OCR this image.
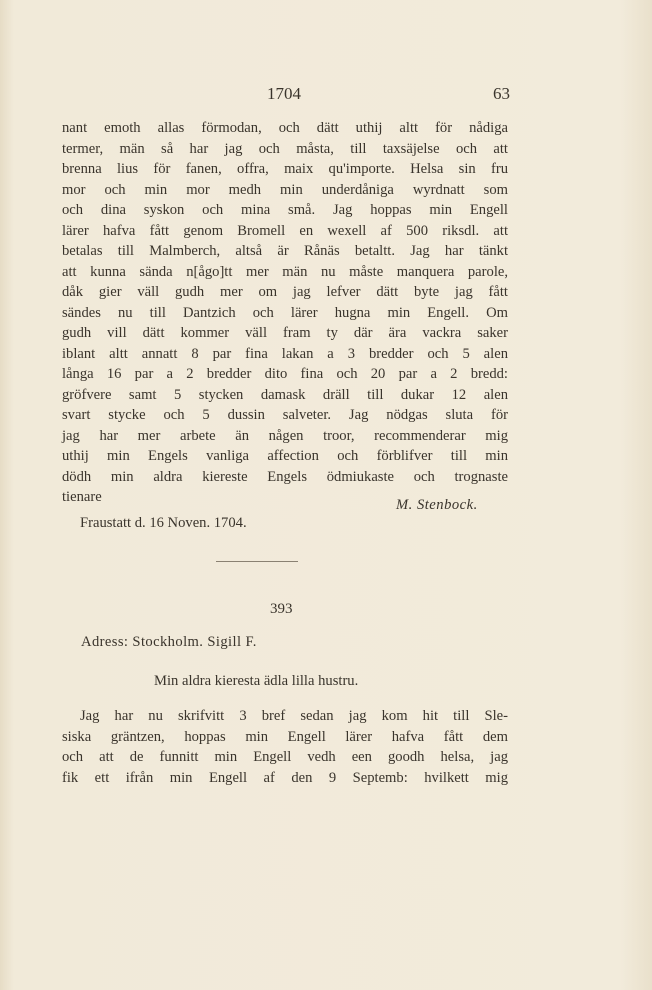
1704	63
nant emoth allas förmodan, och dätt uthij altt för nådiga
termer, män så har jag och måsta, till taxsäjelse och att
brenna lius för fanen, offra, maix qu'importe. Helsa sin fru
mor och min mor medh min underdåniga wyrdnatt som
och dina syskon och mina små. Jag hoppas min Engell
lärer hafva fått genom Bromell en wexell af 500 riksdl. att
betalas till Malmberch, altså är Rånäs betaltt. Jag har tänkt
att kunna sända n[ågo]tt mer män nu måste manquera parole,
dåk gier väll gudh mer om jag lefver dätt byte jag fått
sändes nu till Dantzich och lärer hugna min Engell. Om
gudh vill dätt kommer väll fram ty där ära vackra saker
iblant altt annatt 8 par fina lakan a 3 bredder och 5 alen
långa 16 par a 2 bredder dito fina och 20 par a 2 bredd:
gröfvere samt 5 stycken damask dräll till dukar 12 alen
svart stycke och 5 dussin salveter. Jag nödgas sluta för
jag har mer arbete än någen troor, recommenderar mig
uthij min Engels vanliga affection och förblifver till min
dödh min aldra kiereste Engels ödmiukaste och trognaste
tienare	M. Stenbock.
Fraustatt d. 16 Noven. 1704.
393
Adress: Stockholm. Sigill F.
Min aldra kieresta ädla lilla hustru.
Jag har nu skrifvitt 3 bref sedan jag kom hit till Sle-
siska gräntzen, hoppas min Engell lärer hafva fått dem
och att de funnitt min Engell vedh een goodh helsa, jag
fik ett ifrån min Engell af den 9 Septemb: hvilkett mig
